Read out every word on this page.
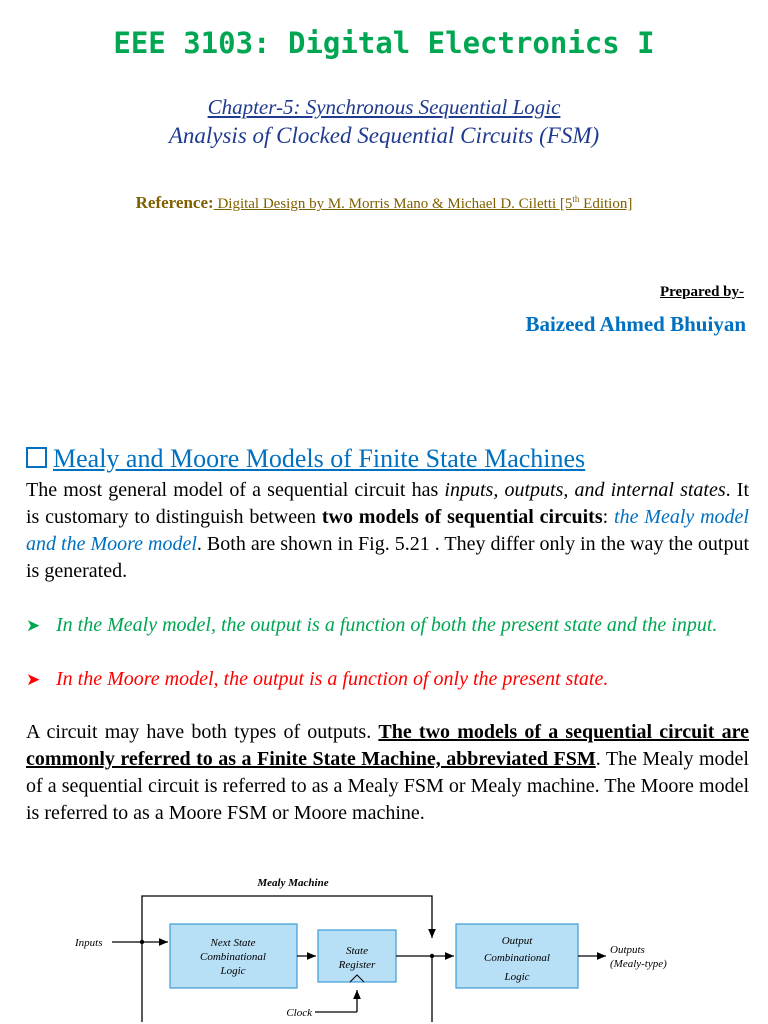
EEE 3103: Digital Electronics I
Chapter-5: Synchronous Sequential Logic
Analysis of Clocked Sequential Circuits (FSM)
Reference: Digital Design by M. Morris Mano & Michael D. Ciletti [5th Edition]
Prepared by-
Baizeed Ahmed Bhuiyan
Mealy and Moore Models of Finite State Machines
The most general model of a sequential circuit has inputs, outputs, and internal states. It is customary to distinguish between two models of sequential circuits: the Mealy model and the Moore model. Both are shown in Fig. 5.21 . They differ only in the way the output is generated.
➤ In the Mealy model, the output is a function of both the present state and the input.
➤ In the Moore model, the output is a function of only the present state.
A circuit may have both types of outputs. The two models of a sequential circuit are commonly referred to as a Finite State Machine, abbreviated FSM. The Mealy model of a sequential circuit is referred to as a Mealy FSM or Mealy machine. The Moore model is referred to as a Moore FSM or Moore machine.
Mealy Machine
Inputs	Next State
Combinational
Logic
State
Register
Clock
Output
Combinational
Logic
Outputs
(Mealy-type)
